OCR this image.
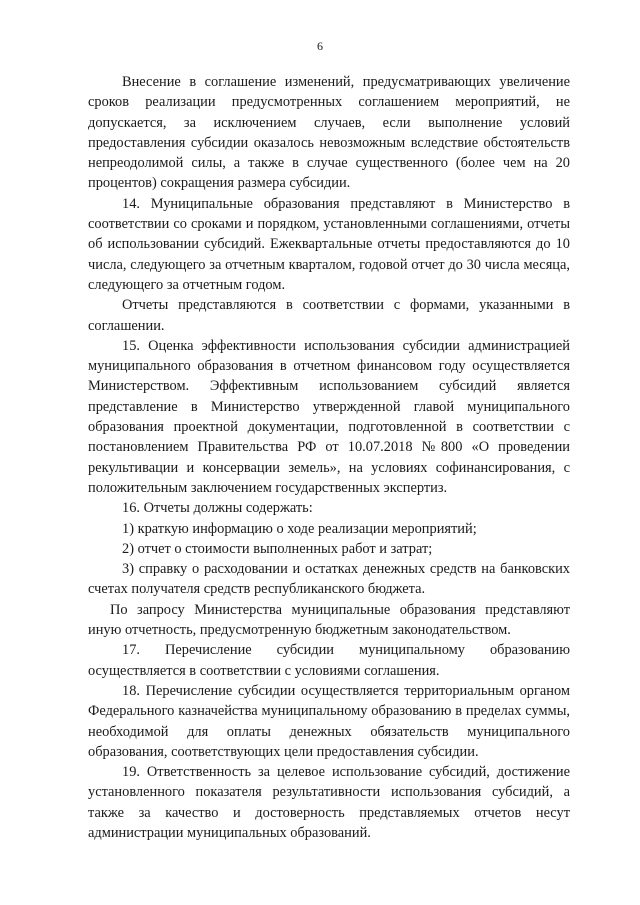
6

Внесение в соглашение изменений, предусматривающих увеличение сроков реализации предусмотренных соглашением мероприятий, не допускается, за исключением случаев, если выполнение условий предоставления субсидии оказалось невозможным вследствие обстоятельств непреодолимой силы, а также в случае существенного (более чем на 20 процентов) сокращения размера субсидии.

14. Муниципальные образования представляют в Министерство в соответствии со сроками и порядком, установленными соглашениями, отчеты об использовании субсидий. Ежеквартальные отчеты предоставляются до 10 числа, следующего за отчетным кварталом, годовой отчет до 30 числа месяца, следующего за отчетным годом.

Отчеты представляются в соответствии с формами, указанными в соглашении.

15. Оценка эффективности использования субсидии администрацией муниципального образования в отчетном финансовом году осуществляется Министерством. Эффективным использованием субсидий является представление в Министерство утвержденной главой муниципального образования проектной документации, подготовленной в соответствии с постановлением Правительства РФ от 10.07.2018 №800 «О проведении рекультивации и консервации земель», на условиях софинансирования, с положительным заключением государственных экспертиз.

16. Отчеты должны содержать:

1) краткую информацию о ходе реализации мероприятий;

2) отчет о стоимости выполненных работ и затрат;

3) справку о расходовании и остатках денежных средств на банковских счетах получателя средств республиканского бюджета.

По запросу Министерства муниципальные образования представляют иную отчетность, предусмотренную бюджетным законодательством.

17. Перечисление субсидии муниципальному образованию осуществляется в соответствии с условиями соглашения.

18. Перечисление субсидии осуществляется территориальным органом Федерального казначейства муниципальному образованию в пределах суммы, необходимой для оплаты денежных обязательств муниципального образования, соответствующих цели предоставления субсидии.

19. Ответственность за целевое использование субсидий, достижение установленного показателя результативности использования субсидий, а также за качество и достоверность представляемых отчетов несут администрации муниципальных образований.
